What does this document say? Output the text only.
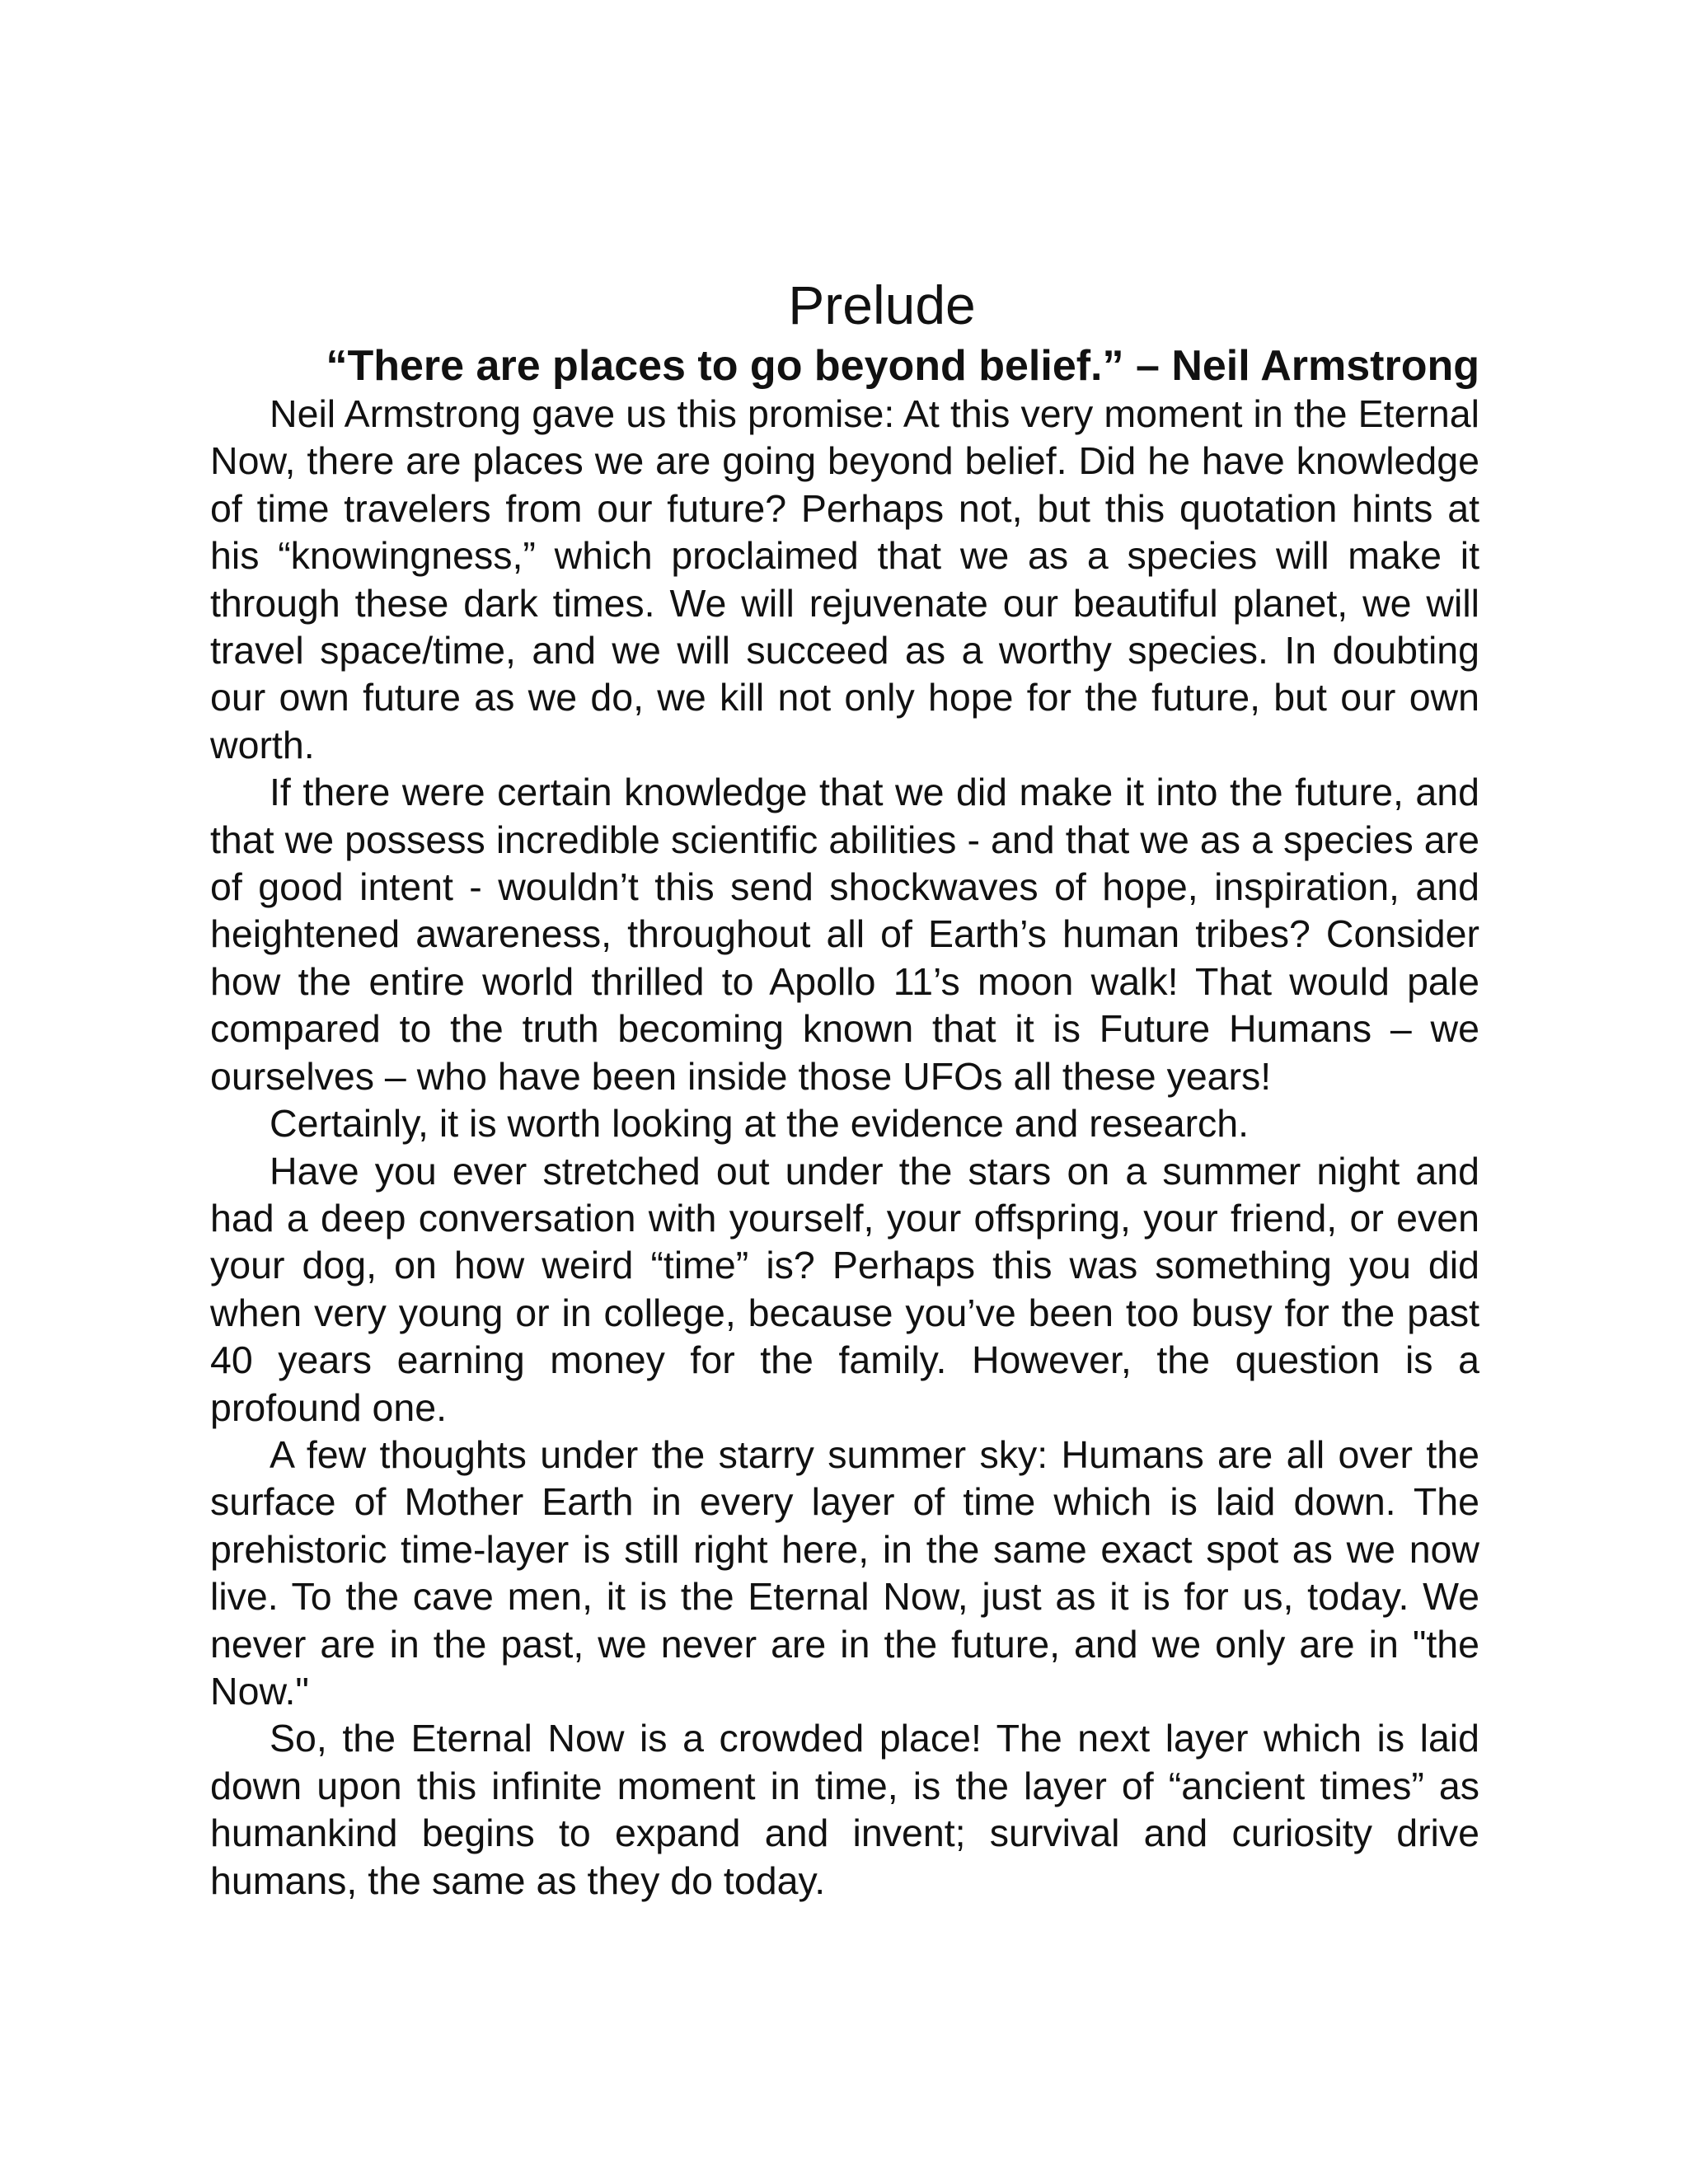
Prelude
“There are places to go beyond belief.” – Neil Armstrong

Neil Armstrong gave us this promise: At this very moment in the Eternal Now, there are places we are going beyond belief. Did he have knowledge of time travelers from our future? Perhaps not, but this quotation hints at his “knowingness,” which proclaimed that we as a species will make it through these dark times. We will rejuvenate our beautiful planet, we will travel space/time, and we will succeed as a worthy species. In doubting our own future as we do, we kill not only hope for the future, but our own worth.

If there were certain knowledge that we did make it into the future, and that we possess incredible scientific abilities - and that we as a species are of good intent - wouldn’t this send shockwaves of hope, inspiration, and heightened awareness, throughout all of Earth’s human tribes? Consider how the entire world thrilled to Apollo 11’s moon walk! That would pale compared to the truth becoming known that it is Future Humans – we ourselves – who have been inside those UFOs all these years!

Certainly, it is worth looking at the evidence and research.

Have you ever stretched out under the stars on a summer night and had a deep conversation with yourself, your offspring, your friend, or even your dog, on how weird “time” is? Perhaps this was something you did when very young or in college, because you’ve been too busy for the past 40 years earning money for the family. However, the question is a profound one.

A few thoughts under the starry summer sky: Humans are all over the surface of Mother Earth in every layer of time which is laid down. The prehistoric time-layer is still right here, in the same exact spot as we now live. To the cave men, it is the Eternal Now, just as it is for us, today. We never are in the past, we never are in the future, and we only are in "the Now."

So, the Eternal Now is a crowded place! The next layer which is laid down upon this infinite moment in time, is the layer of “ancient times” as humankind begins to expand and invent; survival and curiosity drive humans, the same as they do today.
